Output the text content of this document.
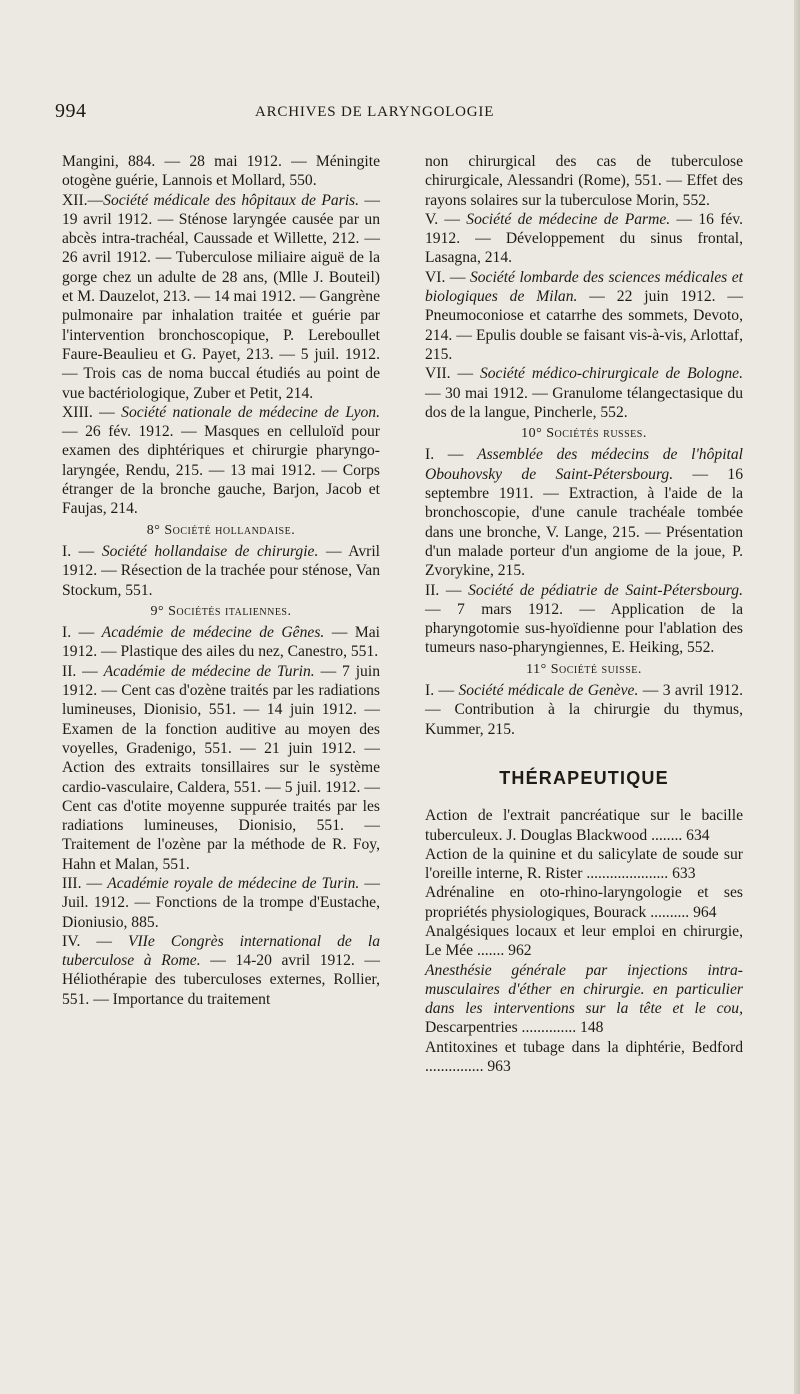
994	ARCHIVES DE LARYNGOLOGIE

Mangini, 884. — 28 mai 1912. — Méningite otogène guérie, Lannois et Mollard, 550.

XII.—Société médicale des hôpitaux de Paris. — 19 avril 1912. — Sténose laryngée causée par un abcès intra-trachéal, Caussade et Willette, 212. — 26 avril 1912. — Tuberculose miliaire aiguë de la gorge chez un adulte de 28 ans, (Mlle J. Bouteil) et M. Dauzelot, 213. — 14 mai 1912. — Gangrène pulmonaire par inhalation traitée et guérie par l'intervention bronchoscopique, P. Lereboullet Faure-Beaulieu et G. Payet, 213. — 5 juil. 1912. — Trois cas de noma buccal étudiés au point de vue bactériologique, Zuber et Petit, 214.

XIII. — Société nationale de médecine de Lyon. — 26 fév. 1912. — Masques en celluloïd pour examen des diphtériques et chirurgie pharyngo-laryngée, Rendu, 215. — 13 mai 1912. — Corps étranger de la bronche gauche, Barjon, Jacob et Faujas, 214.

8° Société hollandaise.

I. — Société hollandaise de chirurgie. — Avril 1912. — Résection de la trachée pour sténose, Van Stockum, 551.

9° Sociétés italiennes.

I. — Académie de médecine de Gênes. — Mai 1912. — Plastique des ailes du nez, Canestro, 551.

II. — Académie de médecine de Turin. — 7 juin 1912. — Cent cas d'ozène traités par les radiations lumineuses, Dionisio, 551. — 14 juin 1912. — Examen de la fonction auditive au moyen des voyelles, Gradenigo, 551. — 21 juin 1912. — Action des extraits tonsillaires sur le système cardio-vasculaire, Caldera, 551. — 5 juil. 1912. — Cent cas d'otite moyenne suppurée traités par les radiations lumineuses, Dionisio, 551. — Traitement de l'ozène par la méthode de R. Foy, Hahn et Malan, 551.

III. — Académie royale de médecine de Turin. — Juil. 1912. — Fonctions de la trompe d'Eustache, Dioniusio, 885.

IV. — VIIe Congrès international de la tuberculose à Rome. — 14-20 avril 1912. — Héliothérapie des tuberculoses externes, Rollier, 551. — Importance du traitement

non chirurgical des cas de tuberculose chirurgicale, Alessandri (Rome), 551. — Effet des rayons solaires sur la tuberculose Morin, 552.

V. — Société de médecine de Parme. — 16 fév. 1912. — Développement du sinus frontal, Lasagna, 214.

VI. — Société lombarde des sciences médicales et biologiques de Milan. — 22 juin 1912. — Pneumoconiose et catarrhe des sommets, Devoto, 214. — Epulis double se faisant vis-à-vis, Arlottaf, 215.

VII. — Société médico-chirurgicale de Bologne. — 30 mai 1912. — Granulome télangectasique du dos de la langue, Pincherle, 552.

10° Sociétés russes.

I. — Assemblée des médecins de l'hôpital Obouhovsky de Saint-Pétersbourg. — 16 septembre 1911. — Extraction, à l'aide de la bronchoscopie, d'une canule trachéale tombée dans une bronche, V. Lange, 215. — Présentation d'un malade porteur d'un angiome de la joue, P. Zvorykine, 215.

II. — Société de pédiatrie de Saint-Pétersbourg. — 7 mars 1912. — Application de la pharyngotomie sus-hyoïdienne pour l'ablation des tumeurs naso-pharyngiennes, E. Heiking, 552.

11° Société suisse.

I. — Société médicale de Genève. — 3 avril 1912. — Contribution à la chirurgie du thymus, Kummer, 215.

THÉRAPEUTIQUE

Action de l'extrait pancréatique sur le bacille tuberculeux. J. Douglas Blackwood ........ 634

Action de la quinine et du salicylate de soude sur l'oreille interne, R. Rister ..................... 633

Adrénaline en oto-rhino-laryngologie et ses propriétés physiologiques, Bourack .......... 964

Analgésiques locaux et leur emploi en chirurgie, Le Mée ....... 962

Anesthésie générale par injections intra-musculaires d'éther en chirurgie. en particulier dans les interventions sur la tête et le cou, Descarpentries .............. 148

Antitoxines et tubage dans la diphtérie, Bedford ............... 963
